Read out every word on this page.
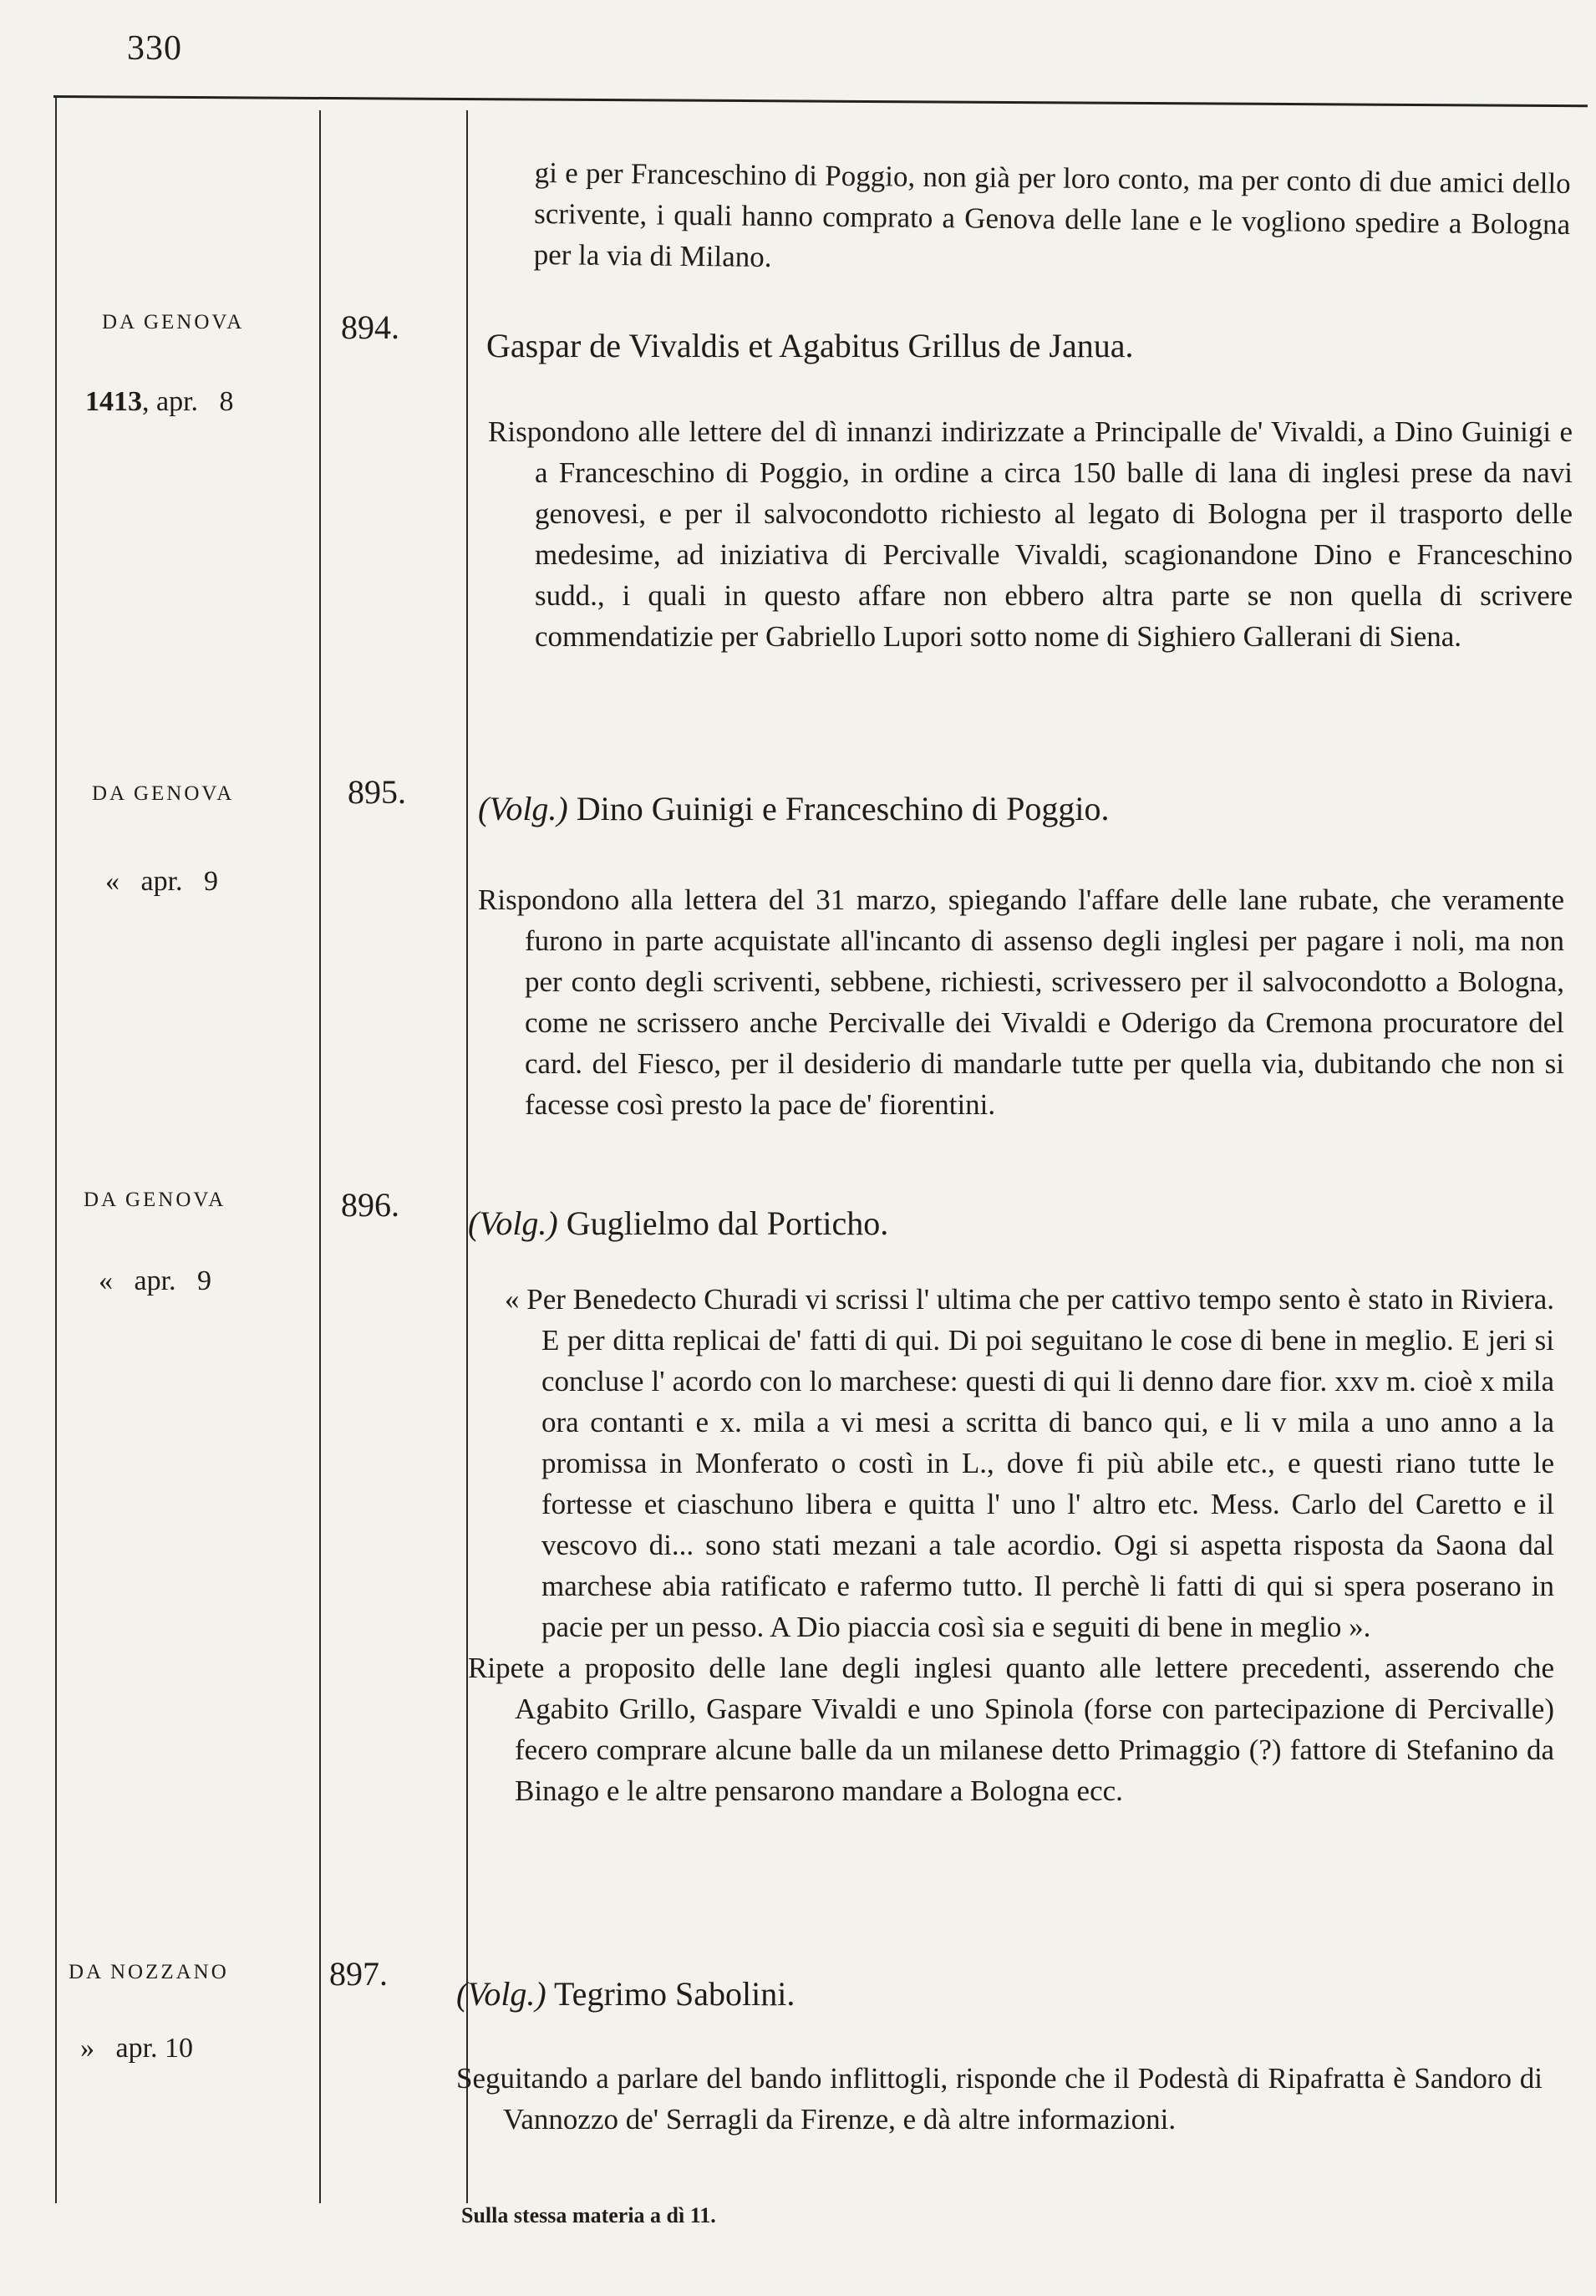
330
gi e per Franceschino di Poggio, non già per loro conto, ma per conto di due amici dello scrivente, i quali hanno comprato a Genova delle lane e le vogliono spedire a Bologna per la via di Milano.
DA GENOVA
1413, apr.   8
894.	Gaspar de Vivaldis et Agabitus Grillus de Janua.

Rispondono alle lettere del dì innanzi indirizzate a Principalle de' Vivaldi, a Dino Guinigi e a Franceschino di Poggio, in ordine a circa 150 balle di lana di inglesi prese da navi genovesi, e per il salvocondotto richiesto al legato di Bologna per il trasporto delle medesime, ad iniziativa di Percivalle Vivaldi, scagionandone Dino e Franceschino sudd., i quali in questo affare non ebbero altra parte se non quella di scrivere commendatizie per Gabriello Lupori sotto nome di Sighiero Gallerani di Siena.

DA GENOVA
«   apr.   9
895. (Volg.) Dino Guinigi e Franceschino di Poggio.

Rispondono alla lettera del 31 marzo, spiegando l'affare delle lane rubate, che veramente furono in parte acquistate all'incanto di assenso degli inglesi per pagare i noli, ma non per conto degli scriventi, sebbene, richiesti, scrivessero per il salvocondotto a Bologna, come ne scrissero anche Percivalle dei Vivaldi e Oderigo da Cremona procuratore del card. del Fiesco, per il desiderio di mandarle tutte per quella via, dubitando che non si facesse così presto la pace de' fiorentini.

DA GENOVA
«   apr.   9
896. (Volg.) Guglielmo dal Porticho.

« Per Benedecto Churadi vi scrissi l' ultima che per cattivo tempo sento è stato in Riviera. E per ditta replicai de' fatti di qui. Di poi seguitano le cose di bene in meglio. E jeri si concluse l' acordo con lo marchese: questi di qui li denno dare fior. xxv m. cioè x mila ora contanti e x. mila a vi mesi a scritta di banco qui, e li v mila a uno anno a la promissa in Monferato o costì in L., dove fi più abile etc., e questi riano tutte le fortesse et ciaschuno libera e quitta l' uno l' altro etc. Mess. Carlo del Caretto e il vescovo di... sono stati mezani a tale acordio. Ogi si aspetta risposta da Saona dal marchese abia ratificato e rafermo tutto. Il perchè li fatti di qui si spera poserano in pacie per un pesso. A Dio piaccia così sia e seguiti di bene in meglio ».

Ripete a proposito delle lane degli inglesi quanto alle lettere precedenti, asserendo che Agabito Grillo, Gaspare Vivaldi e uno Spinola (forse con partecipazione di Percivalle) fecero comprare alcune balle da un milanese detto Primaggio (?) fattore di Stefanino da Binago e le altre pensarono mandare a Bologna ecc.

DA NOZZANO
»   apr. 10
897.
(Volg.) Tegrimo Sabolini.

Seguitando a parlare del bando inflittogli, risponde che il Podestà di Ripafratta è Sandoro di Vannozzo de' Serragli da Firenze, e dà altre informazioni.

Sulla stessa materia a dì 11.
